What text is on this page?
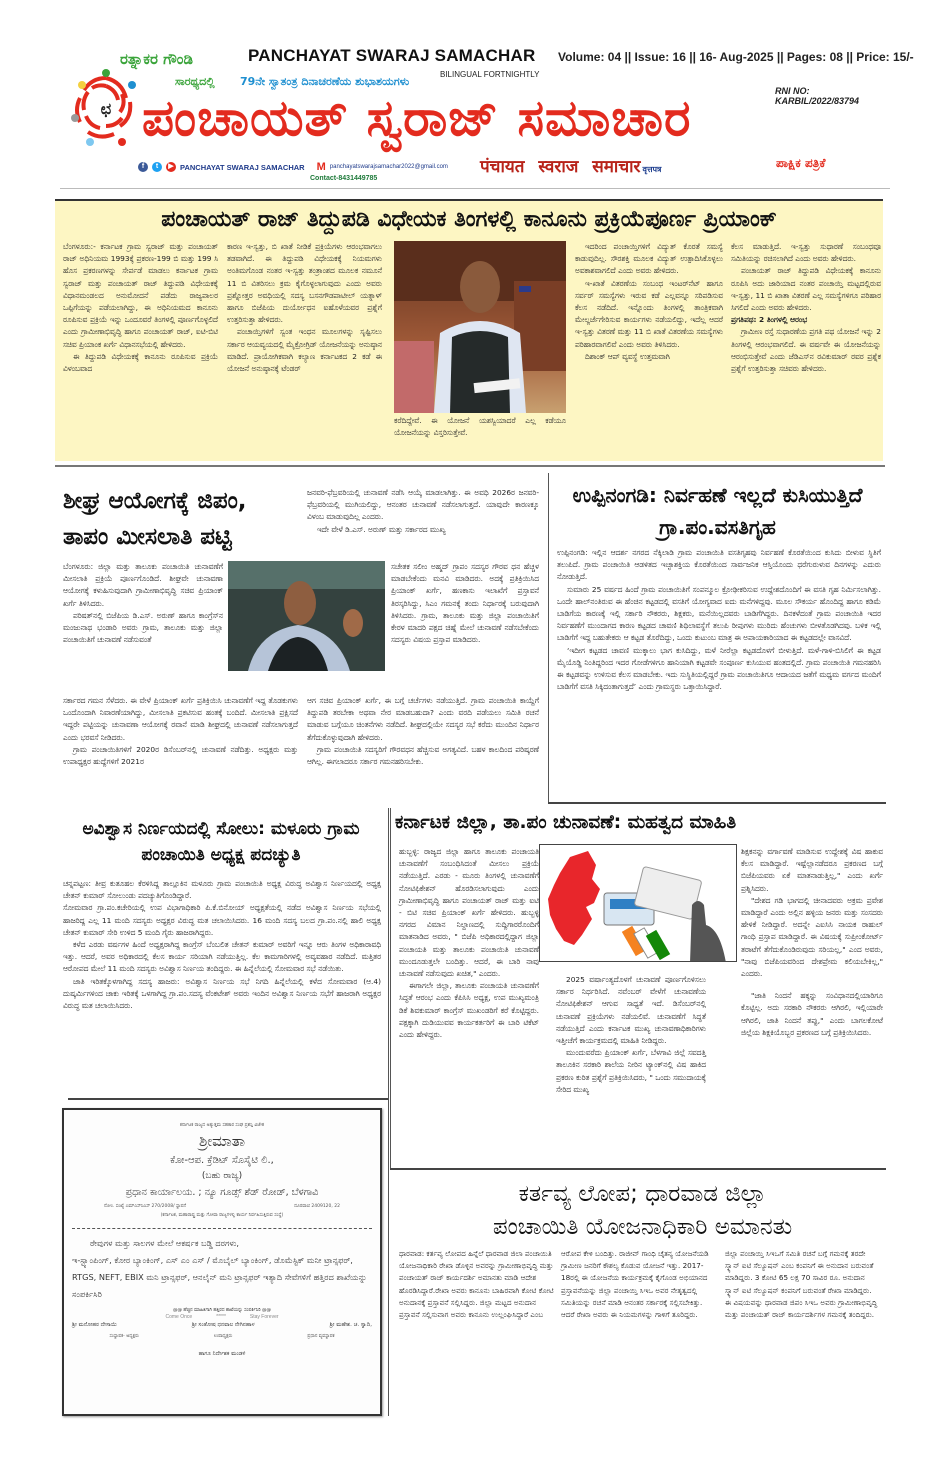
ಛ
ರತ್ನಾಕರ ಗೌಂಡಿ
ಸಾರಥ್ಯದಲ್ಲಿ 79ನೇ ಸ್ವಾತಂತ್ರ ದಿನಾಚರಣೆಯ ಶುಭಾಶಯಗಳು
PANCHAYAT SWARAJ SAMACHAR
BILINGUAL FORTNIGHTLY
Volume: 04 || Issue: 16 || 16- Aug-2025 || Pages: 08 || Price: 15/-
RNI NO: KARBIL/2022/83794
ಪಂಚಾಯತ್ ಸ್ವರಾಜ್ ಸಮಾಚಾರ
पंचायत स्वराज समाचार वृत्तपत्र	ಪಾಕ್ಷಿಕ ಪತ್ರಿಕೆ
f	t	▶ PANCHAYAT SWARAJ SAMACHAR M panchayatswarajsamachar2022@gmail.com
Contact-8431449785
ಪಂಚಾಯತ್ ರಾಜ್ ತಿದ್ದುಪಡಿ ವಿಧೇಯಕ ತಿಂಗಳಲ್ಲಿ ಕಾನೂನು ಪ್ರಕ್ರಿಯೆಪೂರ್ಣ ಪ್ರಿಯಾಂಕ್

ಬೆಂಗಳೂರು:- ಕರ್ನಾಟಕ ಗ್ರಾಮ ಸ್ವರಾಜ್ ಮತ್ತು ಪಂಚಾಯತ್ ರಾಜ್ ಅಧಿನಿಯಮ 1993ಕ್ಕೆ ಪ್ರಕರಣ-199 ಬಿ ಮತ್ತು 199 ಸಿ ಹೊಸ ಪ್ರಕರಣಗಳನ್ನು ಸೇರ್ಪಡೆ ಮಾಡಲು ಕರ್ನಾಟಕ ಗ್ರಾಮ ಸ್ವರಾಜ್ ಮತ್ತು ಪಂಚಾಯತ್ ರಾಜ್ ತಿದ್ದುಪಡಿ ವಿಧೇಯಕಕ್ಕೆ ವಿಧಾನಮಂಡಲದ ಅನುಮೋದನೆ ಪಡೆದು ರಾಜ್ಯಪಾಲರ ಒಪ್ಪಿಗೆಯನ್ನು ಪಡೆಯಲಾಗಿದ್ದು, ಈ ಅಧಿನಿಯಮದ ಕಾನೂನು ರೂಪಿಸುವ ಪ್ರಕ್ರಿಯೆ ಇನ್ನು ಒಂದೂವರೆ ತಿಂಗಳಲ್ಲಿ ಪೂರ್ಣಗೊಳ್ಳಲಿದೆ ಎಂದು ಗ್ರಾಮೀಣಾಭಿವೃದ್ಧಿ ಹಾಗೂ ಪಂಚಾಯತ್ ರಾಜ್, ಐಟಿ-ಬಿಟಿ ಸಚಿವ ಪ್ರಿಯಾಂಕ ಖರ್ಗೆ ವಿಧಾನಸಭೆಯಲ್ಲಿ ಹೇಳಿದರು.

ಈ ತಿದ್ದುಪಡಿ ವಿಧೇಯಕಕ್ಕೆ ಕಾನೂನು ರೂಪಿಸುವ ಪ್ರಕ್ರಿಯೆ ವಿಳಂಬವಾದ

ಕಾರಣ ಇ-ಸ್ವತ್ತು, ಬಿ ಖಾತೆ ನೀಡಿಕೆ ಪ್ರಕ್ರಿಯೆಗಳು ಆರಂಭವಾಗಲು ತಡವಾಗಿದೆ. ಈ ತಿದ್ದುಪಡಿ ವಿಧೇಯಕಕ್ಕೆ ನಿಯಮಗಳು ಅಂತಿಮಗೊಂಡ ನಂತರ ಇ-ಸ್ವತ್ತು ತಂತ್ರಾಂಶದ ಮೂಲಕ ನಮೂನೆ 11 ಬಿ ವಿತರಿಸಲು ಕ್ರಮ ಕೈಗೊಳ್ಳಲಾಗುವುದು ಎಂದು ಅವರು ಪ್ರಶ್ನೋತ್ತರ ಅವಧಿಯಲ್ಲಿ ಸದಸ್ಯ ಬಸನಗೌಡಪಾಟೀಲ್ ಯತ್ನಾಳ್ ಹಾಗೂ ಬಿಜೆಪಿಯ ದುರ್ಯೋಧನ ಐಹೊಳೆಯವರ ಪ್ರಶ್ನೆಗೆ ಉತ್ತರಿಸುತ್ತಾ ಹೇಳಿದರು.

ಪಂಚಾಯ್ತಿಗಳಿಗೆ ಸ್ವಂತ ಇಂಧನ ಮೂಲಗಳನ್ನು ಸೃಷ್ಟಿಸಲು ಸರ್ಕಾರ ಆಯವ್ಯಯದಲ್ಲಿ ಮೈಕ್ರೋಗ್ರಿಡ್ ಯೋಜನೆಯನ್ನು ಅನುಷ್ಠಾನ ಮಾಡಿದೆ. ಪ್ರಾಯೋಗಿಕವಾಗಿ ಕಲ್ಯಾಣ ಕರ್ನಾಟಕದ 2 ಕಡೆ ಈ ಯೋಜನೆ ಅನುಷ್ಠಾನಕ್ಕೆ ಟೆಂಡರ್

ಕರೆದಿದ್ದೇವೆ. ಈ ಯೋಜನೆ ಯಶಸ್ವಿಯಾದರೆ ಎಲ್ಲ ಕಡೆಯೂ ಯೋಜನೆಯನ್ನು ವಿಸ್ತರಿಸುತ್ತೇವೆ.

ಇದರಿಂದ ಪಂಚಾಯ್ತಿಗಳಿಗೆ ವಿದ್ಯುತ್ ಕೊರತೆ ಸಮಸ್ಯೆ ಕಾಡುವುದಿಲ್ಲ. ಸೌರಶಕ್ತಿ ಮೂಲಕ ವಿದ್ಯುತ್ ಉತ್ಪಾದಿಸಿಕೊಳ್ಳಲು ಅವಕಾಶವಾಗಲಿದೆ ಎಂದು ಅವರು ಹೇಳಿದರು.

ಇ-ಖಾತೆ ವಿತರಣೆಯ ಸಂಬಂಧ ಇಂಟರ್‌ನೆಟ್ ಹಾಗೂ ಸರ್ವರ್ ಸಮಸ್ಯೆಗಳು ಇರುವ ಕಡೆ ಎಲ್ಲವನ್ನೂ ಸರಿಪಡಿಸುವ ಕೆಲಸ ನಡೆದಿದೆ. ಇನ್ನೊಂದು ತಿಂಗಳಲ್ಲಿ ತಾಂತ್ರಿಕವಾಗಿ ಮೇಲ್ದರ್ಜೆಗೇರಿಸುವ ಕಾರ್ಯಗಳು ನಡೆಯಲಿದ್ದು, ಇದೆಲ್ಲ ಆದರೆ ಇ-ಸ್ವತ್ತು ವಿತರಣೆ ಮತ್ತು 11 ಬಿ ಖಾತೆ ವಿತರಣೆಯ ಸಮಸ್ಯೆಗಳು ಪರಿಹಾರವಾಗಲಿವೆ ಎಂದು ಅವರು ತಿಳಿಸಿದರು.

ದಿಶಾಂಕ್ ಆಪ್ ವ್ಯವಸ್ಥೆ ಉತ್ತಮವಾಗಿ

ಕೆಲಸ ಮಾಡುತ್ತಿದೆ. ಇ-ಸ್ವತ್ತು ಸುಧಾರಣೆ ಸಂಬಂಧವೂ ಸಮಿತಿಯನ್ನು ರಚಿಸಲಾಗಿದೆ ಎಂದು ಅವರು ಹೇಳಿದರು.

ಪಂಚಾಯತ್ ರಾಜ್ ತಿದ್ದುಪಡಿ ವಿಧೇಯಕಕ್ಕೆ ಕಾನೂನು ರೂಪಿಸಿ ಅದು ಜಾರಿಯಾದ ನಂತರ ಪಂಚಾಯ್ತಿ ಮಟ್ಟದಲ್ಲಿರುವ ಇ-ಸ್ವತ್ತು, 11 ಬಿ ಖಾತಾ ವಿತರಣೆ ಎಲ್ಲ ಸಮಸ್ಯೆಗಳಿಗೂ ಪರಿಹಾರ ಸಿಗಲಿದೆ ಎಂದು ಅವರು ಹೇಳಿದರು.

ಪ್ರಗತಿಪಥ: 2 ತಿಂಗಳಲ್ಲಿ ಆರಂಭ

ಗ್ರಾಮೀಣ ರಸ್ತೆ ಸುಧಾರಣೆಯ ಪ್ರಗತಿ ಪಥ ಯೋಜನೆ ಇನ್ನು 2 ತಿಂಗಳಲ್ಲಿ ಆರಂಭವಾಗಲಿದೆ. ಈ ವರ್ಷವೇ ಈ ಯೋಜನೆಯನ್ನು ಆರಂಭಿಸುತ್ತೇವೆ ಎಂದು ಜೆಡಿಎಸ್‌ನ ರವಿಕುಮಾರ್ ರವರ ಪ್ರಶ್ನೆಕ ಪ್ರಶ್ನೆಗೆ ಉತ್ತರಿಸುತ್ತಾ ಸಚಿವರು ಹೇಳಿದರು.

ಶೀಘ್ರ ಆಯೋಗಕ್ಕೆ ಜಿಪಂ, ತಾಪಂ ಮೀಸಲಾತಿ ಪಟ್ಟಿ

ಜನವರಿ-ಫೆಬ್ರವರಿಯಲ್ಲಿ ಚುನಾವಣೆ ನಡೆಸಿ ಆಯ್ಕೆ ಮಾಡಲಾಗಿತ್ತು. ಈ ಅವಧಿ 2026ರ ಜನವರಿ-ಫೆಬ್ರವರಿಯಲ್ಲಿ ಮುಗಿಯಲಿದ್ದು, ಆನಂತರ ಚುನಾವಣೆ ನಡೆಸಲಾಗುತ್ತದೆ. ಯಾವುದೇ ಕಾರಣಕ್ಕೂ ವಿಳಂಬ ಮಾಡುವುದಿಲ್ಲ ಎಂದರು.

ಇದೇ ವೇಳೆ ಡಿ.ಎಸ್. ಅರುಣ್ ಮತ್ತು ಸರ್ಕಾರದ ಮುಖ್ಯ

ಬೆಂಗಳೂರು: ಜಿಲ್ಲಾ ಮತ್ತು ತಾಲೂಕು ಪಂಚಾಯಿತಿ ಚುನಾವಣೆಗೆ ಮೀಸಲಾತಿ ಪ್ರಕ್ರಿಯೆ ಪೂರ್ಣಗೊಂಡಿದೆ. ಶೀಘ್ರವೇ ಚುನಾವಣಾ ಆಯೋಗಕ್ಕೆ ಕಳುಹಿಸುವುದಾಗಿ ಗ್ರಾಮೀಣಾಭಿವೃದ್ಧಿ ಸಚಿವ ಪ್ರಿಯಾಂಕ್ ಖರ್ಗೆ ತಿಳಿಸಿದರು.

ಪರಿಷತ್‌ನಲ್ಲಿ ಬಿಜೆಪಿಯ ಡಿ.ಎಸ್. ಅರುಣ್ ಹಾಗೂ ಕಾಂಗ್ರೆಸ್‌ನ ಮಂಜುನಾಥ ಭಂಡಾರಿ ಅವರು ಗ್ರಾಮ, ತಾಲೂಕು ಮತ್ತು ಜಿಲ್ಲಾ ಪಂಚಾಯಿತಿಗೆ ಚುನಾವಣೆ ನಡೆಸುವಂತೆ

ಸಚೇತಕ ಸಲೀಂ ಅಹ್ಮದ್ ಗ್ರಾಪಂ ಸದಸ್ಯರ ಗೌರವ ಧನ ಹೆಚ್ಚಳ ಮಾಡಬೇಕೆಂದು ಮನವಿ ಮಾಡಿದರು. ಅದಕ್ಕೆ ಪ್ರತಿಕ್ರಿಯಿಸಿದ ಪ್ರಿಯಾಂಕ್ ಖರ್ಗೆ, ಹಣಕಾಸು ಇಲಾಖೆಗೆ ಪ್ರಸ್ತಾವನೆ ತಿರಸ್ಕರಿಸಿದ್ದು, ಸಿಎಂ ಗಮನಕ್ಕೆ ತಂದು ನಿರ್ಧಾರಕ್ಕೆ ಬರುವುದಾಗಿ ತಿಳಿಸಿದರು. ಗ್ರಾಮ, ತಾಲೂಕು ಮತ್ತು ಜಿಲ್ಲಾ ಪಂಚಾಯಿತಿಗೆ ಕೇರಳ ಮಾದರಿ ಪಕ್ಷದ ಚಿಹ್ನೆ ಮೇಲೆ ಚುನಾವಣೆ ನಡೆಸಬೇಕೆಂದು ಸದಸ್ಯರು ವಿಷಯ ಪ್ರಸ್ತಾಪ ಮಾಡಿದರು.

ಸರ್ಕಾರದ ಗಮನ ಸೆಳೆದರು. ಈ ವೇಳೆ ಪ್ರಿಯಾಂಕ್ ಖರ್ಗೆ ಪ್ರತಿಕ್ರಿಯಿಸಿ ಚುನಾವಣೆಗೆ ಇದ್ದ ತೊಡಕುಗಳು ಒಂದೊಂದಾಗಿ ನಿವಾರಣೆಯಾಗಿದ್ದು, ಮೀಸಲಾತಿ ಪ್ರಕಟಿಸುವ ಹಂತಕ್ಕೆ ಬಂದಿದೆ. ಮೀಸಲಾತಿ ಪ್ರಕ್ಷಿಸದೆ ಇದ್ದರೇ ಪಟ್ಟಿಯನ್ನು ಚುನಾವಣಾ ಆಯೋಗಕ್ಕೆ ರವಾನೆ ಮಾಡಿ ಶೀಘ್ರದಲ್ಲಿ ಚುನಾವಣೆ ನಡೆಸಲಾಗುತ್ತದೆ ಎಂದು ಭರವಸೆ ನೀಡಿದರು.

ಗ್ರಾಮ ಪಂಚಾಯಿತಿಗಳಿಗೆ 2020ರ ಡಿಸೆಂಬರ್‌ನಲ್ಲಿ ಚುನಾವಣೆ ನಡೆದಿತ್ತು. ಅಧ್ಯಕ್ಷರು ಮತ್ತು ಉಪಾಧ್ಯಕ್ಷರ ಹುದ್ದೆಗಳಿಗೆ 2021ರ

ಆಗ ಸಚಿವ ಪ್ರಿಯಾಂಕ್ ಖರ್ಗೆ, ಈ ಬಗ್ಗೆ ಚರ್ಚೆಗಳು ನಡೆಯುತ್ತಿದೆ. ಗ್ರಾಮ ಪಂಚಾಯಿತಿ ಕಾಯ್ದೆಗೆ ತಿದ್ದುಪಡಿ ತರಬೇಕಾ ಅಥವಾ ನೇರ ಮಾಡಬಹುದಾ? ಎಂದು ವರದಿ ಪಡೆಯಲು ಸಮಿತಿ ರಚನೆ ಮಾಡುವ ಬಗ್ಗೆಯೂ ಚಿಂತನೆಗಳು ನಡೆದಿದೆ. ಶೀಘ್ರದಲ್ಲಿಯೇ ಸದಸ್ಯರ ಸಭೆ ಕರೆದು ಮುಂದಿನ ನಿರ್ಧಾರ ತೆಗೆದುಕೊಳ್ಳುವುದಾಗಿ ಹೇಳಿದರು.

ಗ್ರಾಮ ಪಂಚಾಯಿತಿ ಸದಸ್ಯರಿಗೆ ಗೌರವಧನ ಹೆಚ್ಚಿಸುವ ಅಗತ್ಯವಿದೆ. ಬಹಳ ಕಾಲದಿಂದ ಪರಿಷ್ಕರಣೆ ಆಗಿಲ್ಲ. ಈಗಲಾದರೂ ಸರ್ಕಾರ ಗಮನಹರಿಸಬೇಕು.

ಉಪ್ಪಿನಂಗಡಿ: ನಿರ್ವಹಣೆ ಇಲ್ಲದೆ ಕುಸಿಯುತ್ತಿದೆ ಗ್ರಾ.ಪಂ.ವಸತಿಗೃಹ

ಉಪ್ಪಿನಂಗಡಿ: ಇಲ್ಲಿನ ಆದರ್ಶ ನಗರದ ನೆಕ್ಕಿಲಾಡಿ ಗ್ರಾಮ ಪಂಚಾಯಿತಿ ವಸತಿಗೃಹವು ನಿರ್ವಹಣೆ ಕೊರತೆಯಿಂದ ಕುಸಿದು ಬೀಳುವ ಸ್ಥಿತಿಗೆ ತಲುಪಿದೆ. ಗ್ರಾಮ ಪಂಚಾಯಿತಿ ಆಡಳಿತದ ಇಚ್ಛಾಶಕ್ತಿಯ ಕೊರತೆಯಿಂದ ಸಾರ್ವಜನಿಕ ಆಸ್ತಿಯೊಂದು ಧರೆಗುರುಳುವ ದಿನಗಳನ್ನು ಎದುರು ನೋಡುತ್ತಿದೆ.

ಸುಮಾರು 25 ವರ್ಷದ ಹಿಂದೆ ಗ್ರಾಮ ಪಂಚಾಯಿತಿಗೆ ಸಂಪನ್ಮೂಲ ಕ್ರೋಢೀಕರಿಸುವ ಉದ್ದೇಶದೊಂದಿಗೆ ಈ ವಸತಿ ಗೃಹ ನಿರ್ಮಿಸಲಾಗಿತ್ತು. ಒಂದೇ ಹಾಲ್‌ನಂತಿರುವ ಈ ಹೆಂಚಿನ ಕಟ್ಟಡದಲ್ಲಿ ವಸತಿಗೆ ಯೋಗ್ಯವಾದ ಐದು ಮನೆಗಳಿದ್ದವು. ಮೂಲ ಸೌಕರ್ಯ ಹೊಂದಿದ್ದ ಹಾಗೂ ಕಡಿಮೆ ಬಾಡಿಗೆಯ ಕಾರಣಕ್ಕೆ ಇಲ್ಲಿ ಸರ್ಕಾರಿ ನೌಕರರು, ಶಿಕ್ಷಕರು, ಮನೆಯಿಲ್ಲದವರು ಬಾಡಿಗೆಗಿದ್ದರು. ದಿನಕಳೆದಂತೆ ಗ್ರಾಮ ಪಂಚಾಯಿತಿ ಇದರ ನಿರ್ವಹಣೆಗೆ ಮುಂದಾಗದ ಕಾರಣ ಕಟ್ಟಡದ ಚಾವಣಿ ಶಿಥಿಲಾವಸ್ಥೆಗೆ ತಲುಪಿ ರೀಪುಗಳು ಮುರಿದು ಹೆಂಚುಗಳು ಬೀಳತೊಡಗಿದವು. ಬಳಿಕ ಇಲ್ಲಿ ಬಾಡಿಗೆಗೆ ಇದ್ದ ಬಹುತೇಕರು ಆ ಕಟ್ಟಡ ತೊರೆದಿದ್ದು, ಒಂದು ಕುಟುಂಬ ಮಾತ್ರ ಈ ಅಪಾಯಕಾರಿಯಾದ ಈ ಕಟ್ಟಡದಲ್ಲೇ ವಾಸವಿದೆ.

‘ಇದೀಗ ಕಟ್ಟಡದ ಚಾವಣಿ ಮುಕ್ಕಾಲು ಭಾಗ ಕುಸಿದಿದ್ದು, ಮಳೆ ನೀರೆಲ್ಲಾ ಕಟ್ಟಡದೊಳಗೆ ಬೀಳುತ್ತಿದೆ. ಮಳೆ-ಗಾಳಿ-ಬಿಸಿಲಿಗೆ ಈ ಕಟ್ಟಡ ಮೈಯೊಡ್ಡಿ ನಿಂತಿದ್ದರಿಂದ ಇದರ ಗೋಡೆಗಳಿಗೂ ಹಾನಿಯಾಗಿ ಕಟ್ಟಡವೇ ಸಂಪೂರ್ಣ ಕುಸಿಯುವ ಹಂತದಲ್ಲಿದೆ. ಗ್ರಾಮ ಪಂಚಾಯಿತಿ ಗಮನಹರಿಸಿ ಈ ಕಟ್ಟಡವನ್ನು ಉಳಿಸುವ ಕೆಲಸ ಮಾಡಬೇಕು. ಇದು ಸುಸ್ಥಿತಿಯಲ್ಲಿದ್ದರೆ ಗ್ರಾಮ ಪಂಚಾಯಿತಿಗೂ ಆದಾಯದ ಜತೆಗೆ ಮಧ್ಯಮ ವರ್ಗದ ಮಂದಿಗೆ ಬಾಡಿಗೆಗೆ ವಸತಿ ಸಿಕ್ಕಿದಂತಾಗುತ್ತದೆ’ ಎಂದು ಗ್ರಾಮಸ್ಥರು ಒತ್ತಾಯಿಸಿದ್ದಾರೆ.

ಅವಿಶ್ವಾಸ ನಿರ್ಣಯದಲ್ಲಿ ಸೋಲು: ಮಳೂರು ಗ್ರಾಮ ಪಂಚಾಯಿತಿ ಅಧ್ಯಕ್ಷ ಪದಚ್ಯುತಿ

ಚನ್ನಪಟ್ಟಣ: ತೀವ್ರ ಕುತೂಹಲ ಕೆರಳಿಸಿದ್ದ ತಾಲ್ಲೂಕಿನ ಮಳೂರು ಗ್ರಾಮ ಪಂಚಾಯಿತಿ ಅಧ್ಯಕ್ಷ ವಿರುದ್ಧ ಅವಿಶ್ವಾಸ ನಿರ್ಣಯದಲ್ಲಿ ಅಧ್ಯಕ್ಷ ಚೇತನ್ ಕುಮಾರ್ ಸೋಲುಂಡು ಪದಚ್ಯುತಿಗೊಂಡಿದ್ದಾರೆ.

ಸೋಮವಾರ ಗ್ರಾ.ಪಂ.ಕಚೇರಿಯಲ್ಲಿ ಉಪ ವಿಭಾಗಾಧಿಕಾರಿ ಪಿ.ಕೆ.ಬಿನೋಯ್ ಅಧ್ಯಕ್ಷತೆಯಲ್ಲಿ ನಡೆದ ಅವಿಶ್ವಾಸ ನಿರ್ಣಯ ಸಭೆಯಲ್ಲಿ ಹಾಜರಿದ್ದ ಎಲ್ಲ 11 ಮಂದಿ ಸದಸ್ಯರು ಅಧ್ಯಕ್ಷರ ವಿರುದ್ಧ ಮತ ಚಲಾಯಿಸಿದರು. 16 ಮಂದಿ ಸದಸ್ಯ ಬಲದ ಗ್ರಾ.ಪಂ.ನಲ್ಲಿ ಹಾಲಿ ಅಧ್ಯಕ್ಷ ಚೇತನ್ ಕುಮಾರ್ ಸೇರಿ ಉಳಿದ 5 ಮಂದಿ ಗೈರು ಹಾಜರಾಗಿದ್ದರು.

ಕಳೆದ ಎರಡು ವರ್ಷಗಳ ಹಿಂದೆ ಅಧ್ಯಕ್ಷರಾಗಿದ್ದ ಕಾಂಗ್ರೆಸ್ ಬೆಂಬಲಿತ ಚೇತನ್ ಕುಮಾರ್ ಅವರಿಗೆ ಇನ್ನೂ ಆರು ತಿಂಗಳ ಅಧಿಕಾರಾವಧಿ ಇತ್ತು. ಆದರೆ, ಅವರ ಅಧಿಕಾರದಲ್ಲಿ ಕೆಲಸ ಕಾರ್ಯ ಸರಿಯಾಗಿ ನಡೆಯುತ್ತಿಲ್ಲ. ಕೆಲ ಕಾಮಗಾರಿಗಳಲ್ಲಿ ಅವ್ಯವಹಾರ ನಡೆದಿದೆ. ಮತ್ತಿತರ ಆರೋಪದ ಮೇಲೆ 11 ಮಂದಿ ಸದಸ್ಯರು ಅವಿಶ್ವಾಸ ನಿರ್ಣಯ ತಂದಿದ್ದರು. ಈ ಹಿನ್ನೆಲೆಯಲ್ಲಿ ಸೋಮವಾರ ಸಭೆ ನಡೆಯಿತು.

ಜಾತಿ ಇರಿತಕ್ಕೊಳಗಾಗಿದ್ದ ಸದಸ್ಯ ಹಾಜರು: ಅವಿಶ್ವಾಸ ನಿರ್ಣಯ ಸಭೆ ನಿಗದಿ ಹಿನ್ನೆಲೆಯಲ್ಲಿ ಕಳೆದ ಸೋಮವಾರ (ಆ.4) ದುಷ್ಕರ್ಮಿಗಳಿಂದ ಚಾಕು ಇರಿತಕ್ಕೆ ಒಳಗಾಗಿದ್ದ ಗ್ರಾ.ಪಂ.ಸದಸ್ಯ ವೆಂಕಟೇಶ್ ಅವರು ಇಂದಿನ ಅವಿಶ್ವಾಸ ನಿರ್ಣಯ ಸಭೆಗೆ ಹಾಜರಾಗಿ ಅಧ್ಯಕ್ಷರ ವಿರುದ್ಧ ಮತ ಚಲಾಯಿಸಿದರು.

ಕರ್ನಾಟಕ ಜಿಲ್ಲಾ, ತಾ.ಪಂ ಚುನಾವಣೆ: ಮಹತ್ವದ ಮಾಹಿತಿ

ಹುಬ್ಬಳ್ಳಿ: ರಾಜ್ಯದ ಜಿಲ್ಲಾ ಹಾಗೂ ತಾಲೂಕು ಪಂಚಾಯತಿ ಚುನಾವಣೆಗೆ ಸಂಬಂಧಿಸಿದಂತೆ ಮೀಸಲು ಪ್ರಕ್ರಿಯೆ ನಡೆಯುತ್ತಿದೆ. ಎರಡು - ಮೂರು ತಿಂಗಳಲ್ಲಿ ಚುನಾವಣೆಗೆ ನೋಟಿಫಿಕೇಶನ್ ಹೊರಡಿಸಲಾಗುವುದು ಎಂದು ಗ್ರಾಮೀಣಾಭಿವೃದ್ಧಿ ಹಾಗೂ ಪಂಚಾಯತ್ ರಾಜ್ ಮತ್ತು ಐಟಿ - ಬಿಟಿ ಸಚಿವ ಪ್ರಿಯಾಂಕ್ ಖರ್ಗೆ ಹೇಳಿದರು. ಹುಬ್ಬಳ್ಳಿ ನಗರದ ವಿಮಾನ ನಿಲ್ದಾಣದಲ್ಲಿ ಸುದ್ದಿಗಾರರೊಂದಿಗೆ ಮಾತನಾಡಿದ ಅವರು, " ಬಿಜೆಪಿ ಅಧಿಕಾರದಲ್ಲಿದ್ದಾಗ ಜಿಲ್ಲಾ ಪಂಚಾಯತಿ ಮತ್ತು ತಾಲೂಕು ಪಂಚಾಯಿತಿ ಚುನಾವಣೆ ಮುಂದೂಡುತ್ತಲೇ ಬಂದಿತ್ತು. ಆದರೆ, ಈ ಬಾರಿ ನಾವು ಚುನಾವಣೆ ನಡೆಸುವುದು ಖಚಿತ," ಎಂದರು.

ಈಗಾಗಲೇ ಜಿಲ್ಲಾ, ತಾಲೂಕು ಪಂಚಾಯತಿ ಚುನಾವಣೆಗೆ ಸಿದ್ಧತೆ ಆರಂಭ ಎಂದು ಕೆಪಿಸಿಸಿ ಅಧ್ಯಕ್ಷ, ಉಪ ಮುಖ್ಯಮಂತ್ರಿ ಡಿಕೆ ಶಿವಕುಮಾರ್ ಕಾಂಗ್ರೆಸ್ ಮುಖಂಡರಿಗೆ ಕರೆ ಕೊಟ್ಟಿದ್ದರು. ಪಕ್ಷಕ್ಕಾಗಿ ದುಡಿಯುವವ ಕಾರ್ಯಕರ್ತರಿಗೆ ಈ ಬಾರಿ ಟಿಕೆಟ್ ಎಂದು ಹೇಳಿದ್ದರು.

2025 ವರ್ಷಾಂತ್ಯದೊಳಗೆ ಚುನಾವಣೆ ಪೂರ್ಣಗೊಳಿಸಲು ಸರ್ಕಾರ ನಿರ್ಧರಿಸಿದೆ. ನವೆಂಬರ್ ವೇಳೆಗೆ ಚುನಾವಣೆಯ ನೋಟಿಫಿಕೇಶನ್ ಆಗುವ ಸಾಧ್ಯತೆ ಇದೆ. ಡಿಸೆಂಬರ್‌ನಲ್ಲಿ ಚುನಾವಣೆ ಪ್ರಕ್ರಿಯೆಗಳು ನಡೆಯಲಿವೆ. ಚುನಾವಣೆಗೆ ಸಿದ್ಧತೆ ನಡೆಯುತ್ತಿದೆ ಎಂದು ಕರ್ನಾಟಕ ಮುಖ್ಯ ಚುನಾವಣಾಧಿಕಾರಿಗಳು ಇತ್ತೀಚೆಗೆ ಕಾರ್ಯಕ್ರಮದಲ್ಲಿ ಮಾಹಿತಿ ನೀಡಿದ್ದರು.

ಮುಂದುವರೆದು ಪ್ರಿಯಾಂಕ್ ಖರ್ಗೆ, ಬೆಳಗಾವಿ ಜಿಲ್ಲೆ ಸವದತ್ತಿ ತಾಲೂಕಿನ ಸರಕಾರಿ ಶಾಲೆಯ ನೀರಿನ ಟ್ಯಾಂಕ್‌ನಲ್ಲಿ ವಿಷ ಹಾಕಿದ ಪ್ರಕರಣ ಕುರಿತ ಪ್ರಶ್ನೆಗೆ ಪ್ರತಿಕ್ರಿಯಿಸಿದರು, " ಒಂದು ಸಮುದಾಯಕ್ಕೆ ಸೇರಿದ ಮುಖ್ಯ

ಶಿಕ್ಷಕನನ್ನು ವರ್ಗಾವಣೆ ಮಾಡಿಸುವ ಉದ್ದೇಶಕ್ಕೆ ವಿಷ ಹಾಕುವ ಕೆಲಸ ಮಾಡಿದ್ದಾರೆ. ಇಷ್ಟೆಲ್ಲಾನಡೆದರೂ ಪ್ರಕರಣದ ಬಗ್ಗೆ ಬಿಜೆಪಿಯವರು ಏಕೆ ಮಾತನಾಡುತ್ತಿಲ್ಲ," ಎಂದು ಖರ್ಗೆ ಪ್ರಶ್ನಿಸಿದರು.

"ದೇಶದ ಗಡಿ ಭಾಗದಲ್ಲಿ ಚೀನಾದವರು ಅಕ್ರಮ ಪ್ರವೇಶ ಮಾಡಿದ್ದಾರೆ ಎಂದು ಅಲ್ಲಿನ ಹಳ್ಳಿಯ ಜನರು ಮತ್ತು ಸಂಸದರು ಹೇಳಿಕೆ ನೀಡಿದ್ದಾರೆ. ಅದನ್ನೇ ಎಐಸಿಸಿ ನಾಯಕ ರಾಹುಲ್ ಗಾಂಧಿ ಪ್ರಸ್ತಾಪ ಮಾಡಿದ್ದಾರೆ. ಈ ವಿಷಯಕ್ಕೆ ಸುಪ್ರೀಂಕೋರ್ಟ್ ತರಾಟೆಗೆ ತೆಗೆದುಕೊಂಡಿರುವುದು ಸರಿಯಲ್ಲ," ಎಂದ ಅವರು, "ನಾವು ಬಿಜೆಪಿಯವರಿಂದ ದೇಶಪ್ರೇಮ ಕಲಿಯಬೇಕಿಲ್ಲ," ಎಂದರು.

"ಜಾತಿ ನಿಂದನೆ ಹಕ್ಕನ್ನು ಸಂವಿಧಾನದಲ್ಲಿಯಾರಿಗೂ ಕೊಟ್ಟಿಲ್ಲ. ಅದು ಸರಕಾರಿ ನೌಕರರು ಆಗಿರಲಿ, ಇಲ್ಲಿಯಾರೇ ಆಗಿರಲಿ, ಜಾತಿ ನಿಂದನೆ ತಪ್ಪು," ಎಂದು ಬಾಗಲಕೋಟೆ ಜಿಲ್ಲೆಯ ಶಿಕ್ಷಕಿಯೊಬ್ಬರ ಪ್ರಕರಣದ ಬಗ್ಗೆ ಪ್ರತಿಕ್ರಿಯಿಸಿದರು.

ಕರ್ತವ್ಯ ಲೋಪ; ಧಾರವಾಡ ಜಿಲ್ಲಾ
ಪಂಚಾಯಿತಿ ಯೋಜನಾಧಿಕಾರಿ ಅಮಾನತು
ಧಾರವಾಡ: ಕರ್ತವ್ಯ ಲೋಪದ ಹಿನ್ನೆಲೆ ಧಾರವಾಡ ಜಿಲಾ ಪಂಚಾಯಿತಿ ಯೋಜನಾಧಿಕಾರಿ ರೇಖಾ ಡೊಳ್ಳಿನ ಅವರನ್ನು ಗ್ರಾಮೀಣಾಭಿವೃದ್ಧಿ ಮತ್ತು ಪಂಚಾಯತ್ ರಾಜ್ ಕಾರ್ಯದರ್ಶಿ ಅಮಾನತು ಮಾಡಿ ಆದೇಶ ಹೊರಡಿಸಿದ್ದಾರೆ.ರೇಖಾ ಅವರು ಕಾನೂನು ಬಾಹಿರವಾಗಿ ಕೋಟಿ ಕೋಟಿ ಅನುದಾನಕ್ಕೆ ಪ್ರಸ್ತಾವನೆ ಸಲ್ಲಿಸಿದ್ದರು. ಜಿಲ್ಲಾ ಮಟ್ಟದ ಅನುದಾನ ಪ್ರಸ್ತಾವನೆ ಸಲ್ಲಿಸುವಾಗ ಅವರು ಕಾನೂನು ಉಲ್ಲಂಘಿಸಿದ್ದಾರೆ ಎಂಬ
ಆರೋಪ ಕೇಳಿ ಬಂದಿತ್ತು. ರಾಜೀವ್ ಗಾಂಧಿ ಚೈತನ್ಯ ಯೋಜನೆಯಡಿ ಗ್ರಾಮೀಣ ಜನರಿಗೆ ಕೌಶಲ್ಯ ಕೊಡುವ ಯೋಜನೆ ಇತ್ತು. 2017-18ರಲ್ಲಿ ಈ ಯೋಜನೆಯ ಕಾರ್ಯಕ್ರಮಕ್ಕೆ ಕೈಗೊಂಡ ಅಭಿಯಾನದ ಪ್ರಸ್ತಾವನೆಯನ್ನು ಜಿಲ್ಲಾ ಪಂಚಾಯ್ತಿ ಸಿಇಒ ಅವರ ನೇತೃತ್ವದಲ್ಲಿ ಸಮಿತಿಯನ್ನು ರಚನೆ ಮಾಡಿ ಆನಂತರ ಸರ್ಕಾರಕ್ಕೆ ಸಲ್ಲಿಸಬೇಕಿತ್ತು. ಆದರೆ ರೇಖಾ ಅವರು ಈ ನಿಯಮಗಳನ್ನು ಗಾಳಿಗೆ ತೂರಿದ್ದರು.
ಜಿಲ್ಲಾ ಪಂಚಾಯ್ತಿ ಸಿಇಒಗೆ ಸಮಿತಿ ರಚನೆ ಬಗ್ಗೆ ಗಮನಕ್ಕೆ ತರದೇ ಸ್ಕ್ಯಾನ್ ಐಟಿ ಸೆಲ್ಯೂಷನ್ ಎಂಬ ಕಂಪನಿಗೆ ಈ ಅನುದಾನ ಬರುವಂತೆ ಮಾಡಿದ್ದರು. 3 ಕೋಟಿ 65 ಲಕ್ಷ 70 ಸಾವಿರ ರೂ. ಅನುದಾನ ಸ್ಕ್ಯಾನ್ ಐಟಿ ಸೆಲ್ಯೂಷನ್ ಕಂಪನಿಗೆ ಬರುವಂತೆ ರೇಖಾ ಮಾಡಿದ್ದರು. ಈ ವಿಷಯವನ್ನು ಧಾರವಾಡ ಜಿಪಂ ಸಿಇಒ ಅವರು ಗ್ರಾಮೀಣಾಭಿವೃದ್ಧಿ ಮತ್ತು ಪಂಚಾಯತ್ ರಾಜ್ ಕಾರ್ಯದರ್ಶಿಗಳ ಗಮನಕ್ಕೆ ತಂದಿದ್ದರು.
ಕರ್ನಾಟಕ ರಾಜ್ಯದ ಅತ್ಯುತ್ತಮ ಸಹಕಾರ ಸಂಘ ಪ್ರಶಸ್ತಿ ವಿಜೇತ
ಶ್ರೀಮಾತಾ
ಕೋ-ಆಪ. ಕ್ರೆಡಿಟ್ ಸೊಸೈಟಿ ಲಿ.,
(ಬಹು ರಾಜ್ಯ)
ಪ್ರಧಾನ ಕಾರ್ಯಾಲಯ. ; ನ್ಯೂ ಗೂಡ್ಸ್ ಶೆಡ್ ರೋಡ್, ಬೆಳಗಾವಿ
ನೋಂ. ಸಂಖ್ಯೆ ಎಮ್‌ಎಸ್‌ಸಿಎಸ್ 270/2008/ ಸ್ಥಾಪನೆ	ದೂರವಾಣಿ 2409120, 22
(ಕರ್ನಾಟಕ, ಮಹಾರಾಷ್ಟ್ರ ಮತ್ತು ಗೋವಾ ರಾಜ್ಯಗಳಲ್ಲಿ ಕಾರ್ಯ ನಿರ್ವಹಿಸುತ್ತಿರುವ ಸಂಸ್ಥೆ)
ಠೇವುಗಳ ಮತ್ತು ಸಾಲಗಳ ಮೇಲೆ ಆಕರ್ಷಕ ಬಡ್ಡಿ ದರಗಳು,
ಇ-ಸ್ಟ್ಯಾಂಪಿಂಗ್, ಕೋರ ಬ್ಯಾಂಕಿಂಗ್, ಎಸ್ ಎಂ ಎಸ್ / ಮೊಬೈಲ್ ಬ್ಯಾಂಕಿಂಗ್, ಡೊಮೆಸ್ಟಿಕ್ ಮನೀ ಟ್ರಾನ್ಸಫರ್, RTGS, NEFT, EBIX ಮನಿ ಟ್ರಾನ್ಸಫರ್, ಆನಲೈನ್ ಮನಿ ಟ್ರಾನ್ಸಫರ್ ಇತ್ಯಾದಿ ಸೇವೆಗಳಿಗೆ ಹತ್ತಿರದ ಶಾಖೆಯನ್ನು ಸಂಪರ್ಕಿಸಿರಿ
@@ ಹೆಚ್ಚಿನ ಮಾಹಿತಿಗಾಗಿ ಹತ್ತಿರದ ಶಾಖೆಯನ್ನು ಸಂಪರ್ಕಿಸಿರಿ @@
Come Once	*****	Stay Forever
ಶ್ರೀ ಮನೋಹರ ದೇಸಾಯಿ	ಶ್ರೀ ಸಂತೋಷ ಧನವಾಲ ನೇಗಿನಹಾಳ	ಶ್ರೀ ಮಹೇಶ. ಚ. ಸ್ವಾದಿ,
ಸಂಸ್ಥಾಪಕ- ಅಧ್ಯಕ್ಷರು	ಉಪಾಧ್ಯಕ್ಷರು	ಪ್ರಧಾನ ವ್ಯವಸ್ಥಾಪಕ
ಹಾಗೂ ನಿರ್ದೇಶಕ ಮಂಡಳಿ
